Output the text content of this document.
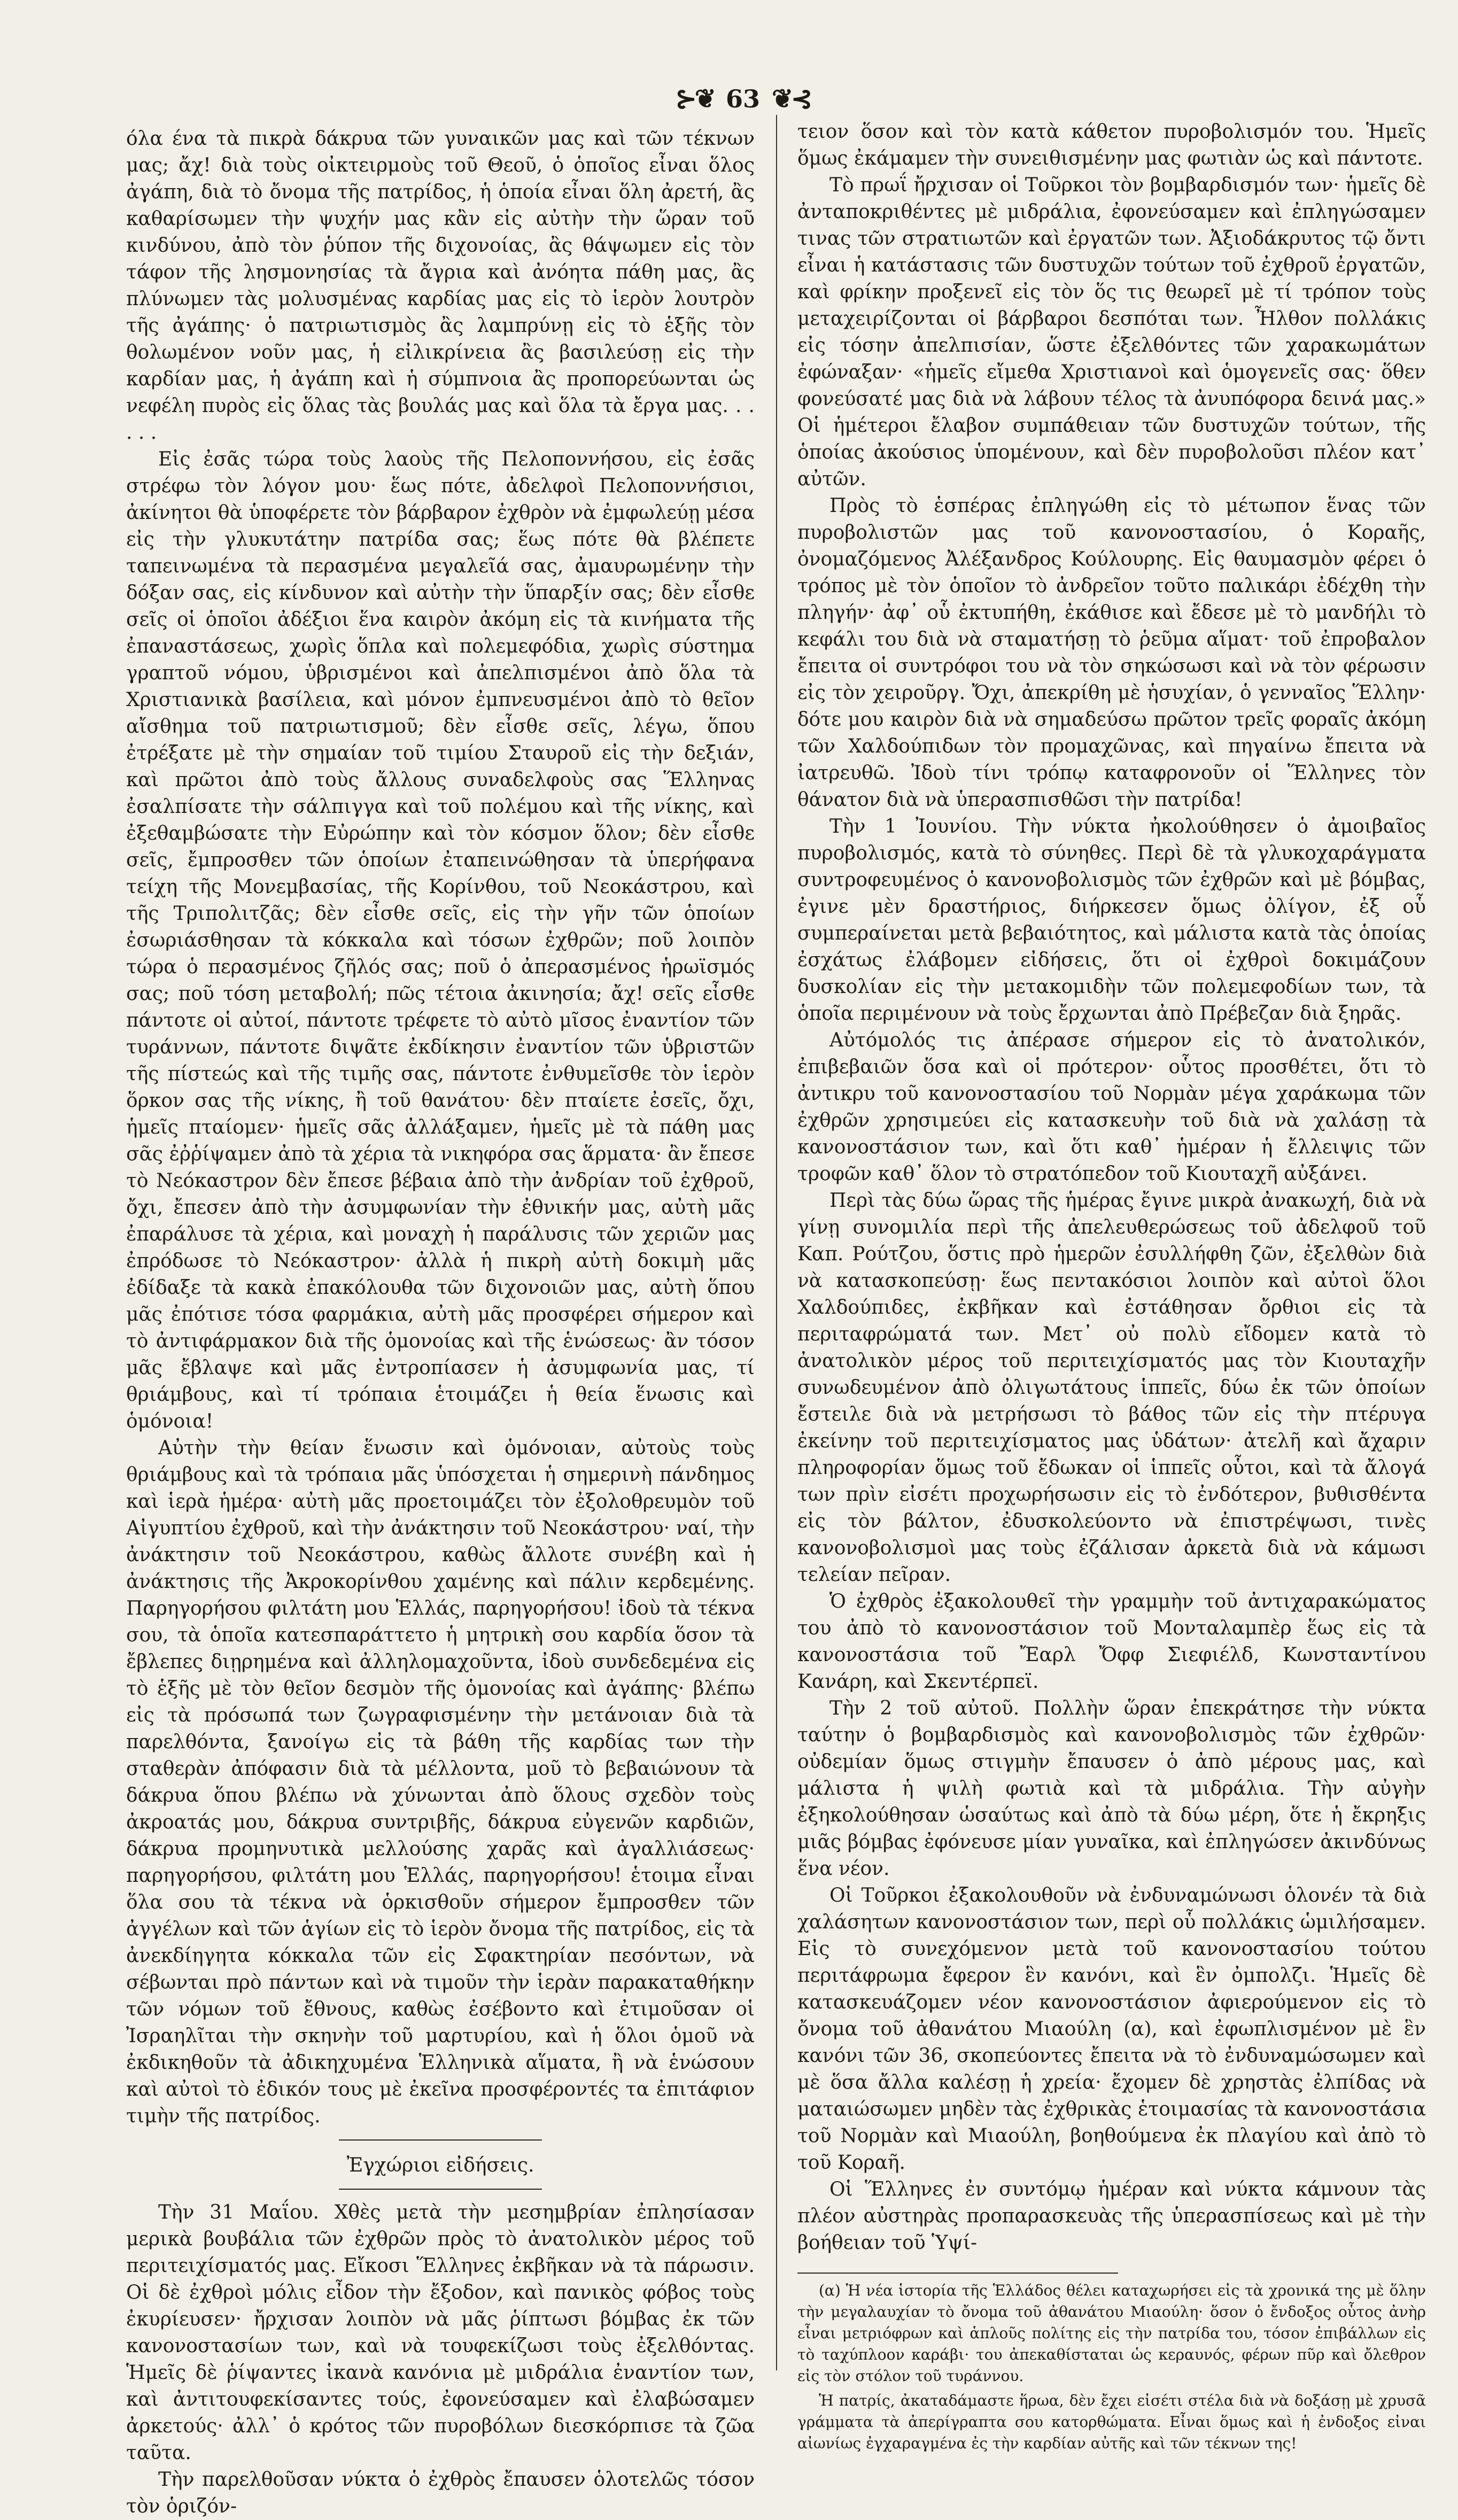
⊱❦ 63 ❦⊰

όλα ένα τὰ πικρὰ δάκρυα τῶν γυναικῶν μας καὶ τῶν τέκνων μας; ἄχ! διὰ τοὺς οἰκτειρμοὺς τοῦ Θεοῦ, ὁ ὁποῖος εἶναι ὅλος ἀγάπη, διὰ τὸ ὄνομα τῆς πατρίδος, ἡ ὁποία εἶναι ὅλη ἀρετή, ἂς καθαρίσωμεν τὴν ψυχήν μας κἂν εἰς αὐτὴν τὴν ὥραν τοῦ κινδύνου, ἀπὸ τὸν ῥύπον τῆς διχονοίας, ἂς θάψωμεν εἰς τὸν τάφον τῆς λησμονησίας τὰ ἄγρια καὶ ἀνόητα πάθη μας, ἂς πλύνωμεν τὰς μολυσμένας καρδίας μας εἰς τὸ ἱερὸν λουτρὸν τῆς ἀγάπης· ὁ πατριωτισμὸς ἂς λαμπρύνῃ εἰς τὸ ἑξῆς τὸν θολωμένον νοῦν μας, ἡ εἰλικρίνεια ἂς βασιλεύσῃ εἰς τὴν καρδίαν μας, ἡ ἀγάπη καὶ ἡ σύμπνοια ἂς προπορεύωνται ὡς νεφέλη πυρὸς εἰς ὅλας τὰς βουλάς μας καὶ ὅλα τὰ ἔργα μας. . . . . .

Εἰς ἐσᾶς τώρα τοὺς λαοὺς τῆς Πελοποννήσου, εἰς ἐσᾶς στρέφω τὸν λόγον μου· ἕως πότε, ἀδελφοὶ Πελοποννήσιοι, ἀκίνητοι θὰ ὑποφέρετε τὸν βάρβαρον ἐχθρὸν νὰ ἐμφωλεύῃ μέσα εἰς τὴν γλυκυτάτην πατρίδα σας; ἕως πότε θὰ βλέπετε ταπεινωμένα τὰ περασμένα μεγαλεῖά σας, ἀμαυρωμένην τὴν δόξαν σας, εἰς κίνδυνον καὶ αὐτὴν τὴν ὕπαρξίν σας; δὲν εἶσθε σεῖς οἱ ὁποῖοι ἀδέξιοι ἕνα καιρὸν ἀκόμη εἰς τὰ κινήματα τῆς ἐπαναστάσεως, χωρὶς ὅπλα καὶ πολεμεφόδια, χωρὶς σύστημα γραπτοῦ νόμου, ὑβρισμένοι καὶ ἀπελπισμένοι ἀπὸ ὅλα τὰ Χριστιανικὰ βασίλεια, καὶ μόνον ἐμπνευσμένοι ἀπὸ τὸ θεῖον αἴσθημα τοῦ πατριωτισμοῦ; δὲν εἶσθε σεῖς, λέγω, ὅπου ἐτρέξατε μὲ τὴν σημαίαν τοῦ τιμίου Σταυροῦ εἰς τὴν δεξιάν, καὶ πρῶτοι ἀπὸ τοὺς ἄλλους συναδελφοὺς σας Ἕλληνας ἐσαλπίσατε τὴν σάλπιγγα καὶ τοῦ πολέμου καὶ τῆς νίκης, καὶ ἐξεθαμβώσατε τὴν Εὐρώπην καὶ τὸν κόσμον ὅλον; δὲν εἶσθε σεῖς, ἔμπροσθεν τῶν ὁποίων ἐταπεινώθησαν τὰ ὑπερήφανα τείχη τῆς Μονεμβασίας, τῆς Κορίνθου, τοῦ Νεοκάστρου, καὶ τῆς Τριπολιτζᾶς; δὲν εἶσθε σεῖς, εἰς τὴν γῆν τῶν ὁποίων ἐσωριάσθησαν τὰ κόκκαλα καὶ τόσων ἐχθρῶν; ποῦ λοιπὸν τώρα ὁ περασμένος ζῆλός σας; ποῦ ὁ ἀπερασμένος ἡρωϊσμός σας; ποῦ τόση μεταβολή; πῶς τέτοια ἀκινησία; ἄχ! σεῖς εἶσθε πάντοτε οἱ αὐτοί, πάντοτε τρέφετε τὸ αὐτὸ μῖσος ἐναντίον τῶν τυράννων, πάντοτε διψᾶτε ἐκδίκησιν ἐναντίον τῶν ὑβριστῶν τῆς πίστεώς καὶ τῆς τιμῆς σας, πάντοτε ἐνθυμεῖσθε τὸν ἱερὸν ὅρκον σας τῆς νίκης, ἢ τοῦ θανάτου· δὲν πταίετε ἐσεῖς, ὄχι, ἡμεῖς πταίομεν· ἡμεῖς σᾶς ἀλλάξαμεν, ἡμεῖς μὲ τὰ πάθη μας σᾶς ἐῤῥίψαμεν ἀπὸ τὰ χέρια τὰ νικηφόρα σας ἅρματα· ἂν ἔπεσε τὸ Νεόκαστρον δὲν ἔπεσε βέβαια ἀπὸ τὴν ἀνδρίαν τοῦ ἐχθροῦ, ὄχι, ἔπεσεν ἀπὸ τὴν ἀσυμφωνίαν τὴν ἐθνικήν μας, αὐτὴ μᾶς ἐπαράλυσε τὰ χέρια, καὶ μοναχὴ ἡ παράλυσις τῶν χεριῶν μας ἐπρόδωσε τὸ Νεόκαστρον· ἀλλὰ ἡ πικρὴ αὐτὴ δοκιμὴ μᾶς ἐδίδαξε τὰ κακὰ ἐπακόλουθα τῶν διχονοιῶν μας, αὐτὴ ὅπου μᾶς ἐπότισε τόσα φαρμάκια, αὐτὴ μᾶς προσφέρει σήμερον καὶ τὸ ἀντιφάρμακον διὰ τῆς ὁμονοίας καὶ τῆς ἑνώσεως· ἂν τόσον μᾶς ἔβλαψε καὶ μᾶς ἐντροπίασεν ἡ ἀσυμφωνία μας, τί θριάμβους, καὶ τί τρόπαια ἑτοιμάζει ἡ θεία ἕνωσις καὶ ὁμόνοια!

Αὐτὴν τὴν θείαν ἕνωσιν καὶ ὁμόνοιαν, αὐτοὺς τοὺς θριάμβους καὶ τὰ τρόπαια μᾶς ὑπόσχεται ἡ σημερινὴ πάνδημος καὶ ἱερὰ ἡμέρα· αὐτὴ μᾶς προετοιμάζει τὸν ἐξολοθρευμὸν τοῦ Αἰγυπτίου ἐχθροῦ, καὶ τὴν ἀνάκτησιν τοῦ Νεοκάστρου· ναί, τὴν ἀνάκτησιν τοῦ Νεοκάστρου, καθὼς ἄλλοτε συνέβη καὶ ἡ ἀνάκτησις τῆς Ἀκροκορίνθου χαμένης καὶ πάλιν κερδεμένης. Παρηγορήσου φιλτάτη μου Ἑλλάς, παρηγορήσου! ἰδοὺ τὰ τέκνα σου, τὰ ὁποῖα κατεσπαράττετο ἡ μητρικὴ σου καρδία ὅσον τὰ ἔβλεπες διῃρημένα καὶ ἀλληλομαχοῦντα, ἰδοὺ συνδεδεμένα εἰς τὸ ἑξῆς μὲ τὸν θεῖον δεσμὸν τῆς ὁμονοίας καὶ ἀγάπης· βλέπω εἰς τὰ πρόσωπά των ζωγραφισμένην τὴν μετάνοιαν διὰ τὰ παρελθόντα, ξανοίγω εἰς τὰ βάθη τῆς καρδίας των τὴν σταθερὰν ἀπόφασιν διὰ τὰ μέλλοντα, μοῦ τὸ βεβαιώνουν τὰ δάκρυα ὅπου βλέπω νὰ χύνωνται ἀπὸ ὅλους σχεδὸν τοὺς ἀκροατάς μου, δάκρυα συντριβῆς, δάκρυα εὐγενῶν καρδιῶν, δάκρυα προμηνυτικὰ μελλούσης χαρᾶς καὶ ἀγαλλιάσεως· παρηγορήσου, φιλτάτη μου Ἑλλάς, παρηγορήσου! ἑτοιμα εἶναι ὅλα σου τὰ τέκνα νὰ ὁρκισθοῦν σήμερον ἔμπροσθεν τῶν ἀγγέλων καὶ τῶν ἁγίων εἰς τὸ ἱερὸν ὄνομα τῆς πατρίδος, εἰς τὰ ἀνεκδίηγητα κόκκαλα τῶν εἰς Σφακτηρίαν πεσόντων, νὰ σέβωνται πρὸ πάντων καὶ νὰ τιμοῦν τὴν ἱερὰν παρακαταθήκην τῶν νόμων τοῦ ἔθνους, καθὼς ἐσέβοντο καὶ ἐτιμοῦσαν οἱ Ἰσραηλῖται τὴν σκηνὴν τοῦ μαρτυρίου, καὶ ἡ ὅλοι ὁμοῦ νὰ ἐκδικηθοῦν τὰ ἀδικηχυμένα Ἑλληνικὰ αἵματα, ἢ νὰ ἑνώσουν καὶ αὐτοὶ τὸ ἐδικόν τους μὲ ἐκεῖνα προσφέροντές τα ἐπιτάφιον τιμὴν τῆς πατρίδος.

Ἐγχώριοι εἰδήσεις.

Τὴν 31 Μαΐου. Χθὲς μετὰ τὴν μεσημβρίαν ἐπλησίασαν μερικὰ βουβάλια τῶν ἐχθρῶν πρὸς τὸ ἀνατολικὸν μέρος τοῦ περιτειχίσματός μας. Εἴκοσι Ἕλληνες ἐκβῆκαν νὰ τὰ πάρωσιν. Οἱ δὲ ἐχθροὶ μόλις εἶδον τὴν ἔξοδον, καὶ πανικὸς φόβος τοὺς ἐκυρίευσεν· ἤρχισαν λοιπὸν νὰ μᾶς ῥίπτωσι βόμβας ἐκ τῶν κανονοστασίων των, καὶ νὰ τουφεκίζωσι τοὺς ἐξελθόντας. Ἡμεῖς δὲ ῥίψαντες ἱκανὰ κανόνια μὲ μιδράλια ἐναντίον των, καὶ ἀντιτουφεκίσαντες τούς, ἐφονεύσαμεν καὶ ἐλαβώσαμεν ἀρκετούς· ἀλλ᾽ ὁ κρότος τῶν πυροβόλων διεσκόρπισε τὰ ζῶα ταῦτα.

Τὴν παρελθοῦσαν νύκτα ὁ ἐχθρὸς ἔπαυσεν ὁλοτελῶς τόσον τὸν ὁριζόν-

τειον ὅσον καὶ τὸν κατὰ κάθετον πυροβολισμόν του. Ἡμεῖς ὅμως ἐκάμαμεν τὴν συνειθισμένην μας φωτιὰν ὡς καὶ πάντοτε.

Τὸ πρωΐ ἤρχισαν οἱ Τοῦρκοι τὸν βομβαρδισμόν των· ἡμεῖς δὲ ἀνταποκριθέντες μὲ μιδράλια, ἐφονεύσαμεν καὶ ἐπληγώσαμεν τινας τῶν στρατιωτῶν καὶ ἐργατῶν των. Ἀξιοδάκρυτος τῷ ὄντι εἶναι ἡ κατάστασις τῶν δυστυχῶν τούτων τοῦ ἐχθροῦ ἐργατῶν, καὶ φρίκην προξενεῖ εἰς τὸν ὅς τις θεωρεῖ μὲ τί τρόπον τοὺς μεταχειρίζονται οἱ βάρβαροι δεσπόται των. Ἦλθον πολλάκις εἰς τόσην ἀπελπισίαν, ὥστε ἐξελθόντες τῶν χαρακωμάτων ἐφώναξαν· «ἡμεῖς εἴμεθα Χριστιανοὶ καὶ ὁμογενεῖς σας· ὅθεν φονεύσατέ μας διὰ νὰ λάβουν τέλος τὰ ἀνυπόφορα δεινά μας.» Οἱ ἡμέτεροι ἔλαβον συμπάθειαν τῶν δυστυχῶν τούτων, τῆς ὁποίας ἀκούσιος ὑπομένουν, καὶ δὲν πυροβολοῦσι πλέον κατ᾽ αὐτῶν.

Πρὸς τὸ ἑσπέρας ἐπληγώθη εἰς τὸ μέτωπον ἕνας τῶν πυροβολιστῶν μας τοῦ κανονοστασίου, ὁ Κοραῆς, ὀνομαζόμενος Ἀλέξανδρος Κούλουρης. Εἰς θαυμασμὸν φέρει ὁ τρόπος μὲ τὸν ὁποῖον τὸ ἀνδρεῖον τοῦτο παλικάρι ἐδέχθη τὴν πληγήν· ἀφ᾽ οὗ ἐκτυπήθη, ἐκάθισε καὶ ἔδεσε μὲ τὸ μανδήλι τὸ κεφάλι του διὰ νὰ σταματήσῃ τὸ ῥεῦμα αἵματ· τοῦ ἐπροβαλον ἔπειτα οἱ συντρόφοι του νὰ τὸν σηκώσωσι καὶ νὰ τὸν φέρωσιν εἰς τὸν χειροῦργ. Ὄχι, ἀπεκρίθη μὲ ἡσυχίαν, ὁ γενναῖος Ἕλλην· δότε μου καιρὸν διὰ νὰ σημαδεύσω πρῶτον τρεῖς φοραῖς ἀκόμη τῶν Χαλδούπιδων τὸν προμαχῶνας, καὶ πηγαίνω ἔπειτα νὰ ἰατρευθῶ. Ἰδοὺ τίνι τρόπῳ καταφρονοῦν οἱ Ἕλληνες τὸν θάνατον διὰ νὰ ὑπερασπισθῶσι τὴν πατρίδα!

Τὴν 1 Ἰουνίου. Τὴν νύκτα ἠκολούθησεν ὁ ἀμοιβαῖος πυροβολισμός, κατὰ τὸ σύνηθες. Περὶ δὲ τὰ γλυκοχαράγματα συντροφευμένος ὁ κανονοβολισμὸς τῶν ἐχθρῶν καὶ μὲ βόμβας, ἐγινε μὲν δραστήριος, διήρκεσεν ὅμως ὀλίγον, ἐξ οὗ συμπεραίνεται μετὰ βεβαιότητος, καὶ μάλιστα κατὰ τὰς ὁποίας ἐσχάτως ἐλάβομεν εἰδήσεις, ὅτι οἱ ἐχθροὶ δοκιμάζουν δυσκολίαν εἰς τὴν μετακομιδὴν τῶν πολεμεφοδίων των, τὰ ὁποῖα περιμένουν νὰ τοὺς ἔρχωνται ἀπὸ Πρέβεζαν διὰ ξηρᾶς.

Αὐτόμολός τις ἀπέρασε σήμερον εἰς τὸ ἀνατολικόν, ἐπιβεβαιῶν ὅσα καὶ οἱ πρότερον· οὗτος προσθέτει, ὅτι τὸ ἀντικρυ τοῦ κανονοστασίου τοῦ Νορμὰν μέγα χαράκωμα τῶν ἐχθρῶν χρησιμεύει εἰς κατασκευὴν τοῦ διὰ νὰ χαλάσῃ τὰ κανονοστάσιον των, καὶ ὅτι καθ᾽ ἡμέραν ἡ ἔλλειψις τῶν τροφῶν καθ᾽ ὅλον τὸ στρατόπεδον τοῦ Κιουταχῆ αὐξάνει.

Περὶ τὰς δύω ὥρας τῆς ἡμέρας ἔγινε μικρὰ ἀνακωχή, διὰ νὰ γίνῃ συνομιλία περὶ τῆς ἀπελευθερώσεως τοῦ ἀδελφοῦ τοῦ Καπ. Ρούτζου, ὅστις πρὸ ἡμερῶν ἐσυλλήφθη ζῶν, ἐξελθὼν διὰ νὰ κατασκοπεύσῃ· ἕως πεντακόσιοι λοιπὸν καὶ αὐτοὶ ὅλοι Χαλδούπιδες, ἐκβῆκαν καὶ ἐστάθησαν ὄρθιοι εἰς τὰ περιταφρώματά των. Μετ᾽ οὐ πολὺ εἴδομεν κατὰ τὸ ἀνατολικὸν μέρος τοῦ περιτειχίσματός μας τὸν Κιουταχῆν συνωδευμένον ἀπὸ ὀλιγωτάτους ἱππεῖς, δύω ἐκ τῶν ὁποίων ἔστειλε διὰ νὰ μετρήσωσι τὸ βάθος τῶν εἰς τὴν πτέρυγα ἐκείνην τοῦ περιτειχίσματος μας ὑδάτων· ἀτελῆ καὶ ἄχαριν πληροφορίαν ὅμως τοῦ ἔδωκαν οἱ ἱππεῖς οὗτοι, καὶ τὰ ἄλογά των πρὶν εἰσέτι προχωρήσωσιν εἰς τὸ ἐνδότερον, βυθισθέντα εἰς τὸν βάλτον, ἐδυσκολεύοντο νὰ ἐπιστρέψωσι, τινὲς κανονοβολισμοὶ μας τοὺς ἐζάλισαν ἀρκετὰ διὰ νὰ κάμωσι τελείαν πεῖραν.

Ὁ ἐχθρὸς ἐξακολουθεῖ τὴν γραμμὴν τοῦ ἀντιχαρακώματος του ἀπὸ τὸ κανονοστάσιον τοῦ Μονταλαμπὲρ ἕως εἰς τὰ κανονοστάσια τοῦ Ἔαρλ Ὄφφ Σιεφιέλδ, Κωνσταντίνου Κανάρη, καὶ Σκεντέρπεϊ.

Τὴν 2 τοῦ αὐτοῦ. Πολλὴν ὥραν ἐπεκράτησε τὴν νύκτα ταύτην ὁ βομβαρδισμὸς καὶ κανονοβολισμὸς τῶν ἐχθρῶν· οὐδεμίαν ὅμως στιγμὴν ἔπαυσεν ὁ ἀπὸ μέρους μας, καὶ μάλιστα ἡ ψιλὴ φωτιὰ καὶ τὰ μιδράλια. Τὴν αὐγὴν ἐξηκολούθησαν ὡσαύτως καὶ ἀπὸ τὰ δύω μέρη, ὅτε ἡ ἔκρηξις μιᾶς βόμβας ἐφόνευσε μίαν γυναῖκα, καὶ ἐπληγώσεν ἀκινδύνως ἕνα νέον.

Οἱ Τοῦρκοι ἐξακολουθοῦν νὰ ἐνδυναμώνωσι ὁλονέν τὰ διὰ χαλάσητων κανονοστάσιον των, περὶ οὗ πολλάκις ὡμιλήσαμεν. Εἰς τὸ συνεχόμενον μετὰ τοῦ κανονοστασίου τούτου περιτάφρωμα ἔφερον ἓν κανόνι, καὶ ἓν ὀμπολζι. Ἡμεῖς δὲ κατασκευάζομεν νέον κανονοστάσιον ἀφιερούμενον εἰς τὸ ὄνομα τοῦ ἀθανάτου Μιαούλη (α), καὶ ἐφωπλισμένον μὲ ἓν κανόνι τῶν 36, σκοπεύοντες ἔπειτα νὰ τὸ ἐνδυναμώσωμεν καὶ μὲ ὅσα ἄλλα καλέσῃ ἡ χρεία· ἔχομεν δὲ χρηστὰς ἐλπίδας νὰ ματαιώσωμεν μηδὲν τὰς ἐχθρικὰς ἑτοιμασίας τὰ κανονοστάσια τοῦ Νορμὰν καὶ Μιαούλη, βοηθούμενα ἐκ πλαγίου καὶ ἀπὸ τὸ τοῦ Κοραῆ.

Οἱ Ἕλληνες ἐν συντόμῳ ἡμέραν καὶ νύκτα κάμνουν τὰς πλέον αὐστηρὰς προπαρασκευὰς τῆς ὑπερασπίσεως καὶ μὲ τὴν βοήθειαν τοῦ Ὑψί-

(α) Ἡ νέα ἱστορία τῆς Ἑλλάδος θέλει καταχωρήσει εἰς τὰ χρονικά της μὲ ὅλην τὴν μεγαλαυχίαν τὸ ὄνομα τοῦ ἀθανάτου Μιαούλη· ὅσον ὁ ἔνδοξος οὗτος ἀνὴρ εἶναι μετριόφρων καὶ ἁπλοῦς πολίτης εἰς τὴν πατρίδα του, τόσον ἐπιβάλλων εἰς τὸ ταχύπλοον καράβι· του ἀπεκαθίσταται ὡς κεραυνός, φέρων πῦρ καὶ ὄλεθρον εἰς τὸν στόλον τοῦ τυράννου.

Ἡ πατρίς, ἀκαταδάμαστε ἥρωα, δὲν ἔχει εἰσέτι στέλα διὰ νὰ δοξάσῃ μὲ χρυσᾶ γράμματα τὰ ἀπερίγραπτα σου κατορθώματα. Εἶναι ὅμως καὶ ἡ ἐνδοξος εἰναι αἰωνίως ἐγχαραγμένα ἐς τὴν καρδίαν αὐτῆς καὶ τῶν τέκνων της!
